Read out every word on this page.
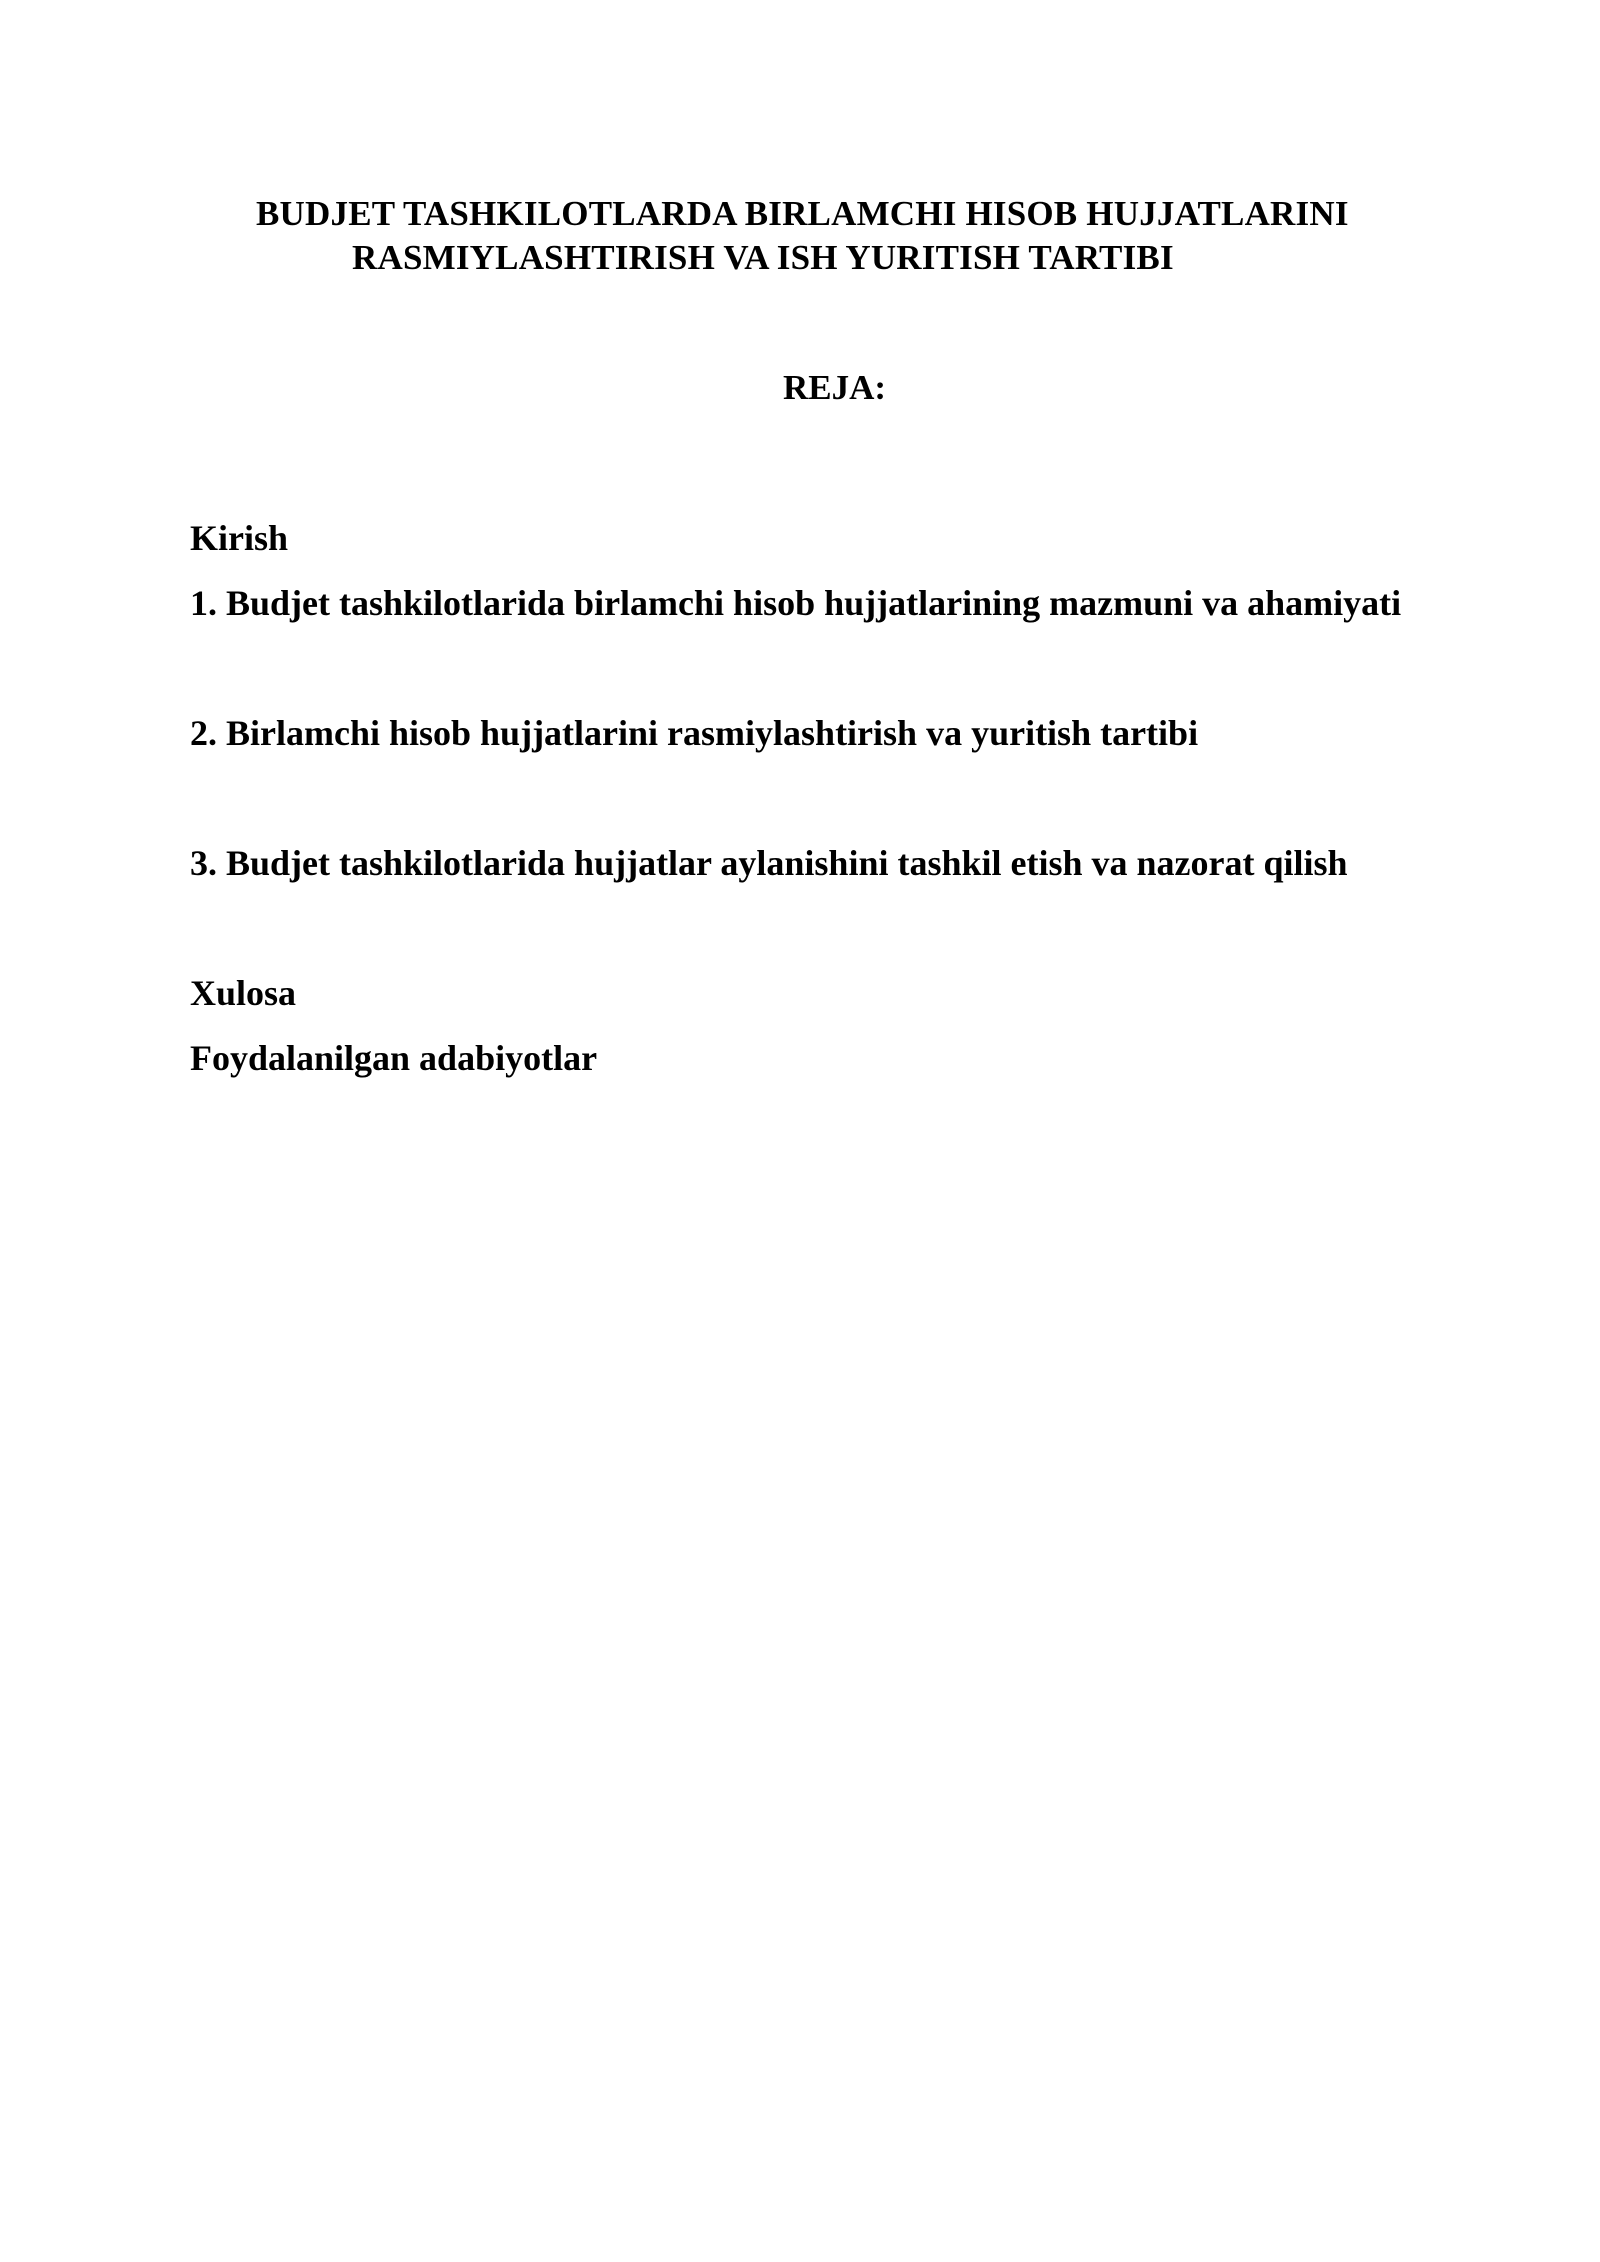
BUDJET TASHKILOTLARDA BIRLAMCHI HISOB HUJJATLARINI
RASMIYLASHTIRISH VA ISH YURITISH TARTIBI
REJA:
Kirish
1. Budjet tashkilotlarida birlamchi hisob hujjatlarining mazmuni va ahamiyati
2. Birlamchi hisob hujjatlarini rasmiylashtirish va yuritish tartibi
3. Budjet tashkilotlarida hujjatlar aylanishini tashkil etish va nazorat qilish
Xulosa
Foydalanilgan adabiyotlar
